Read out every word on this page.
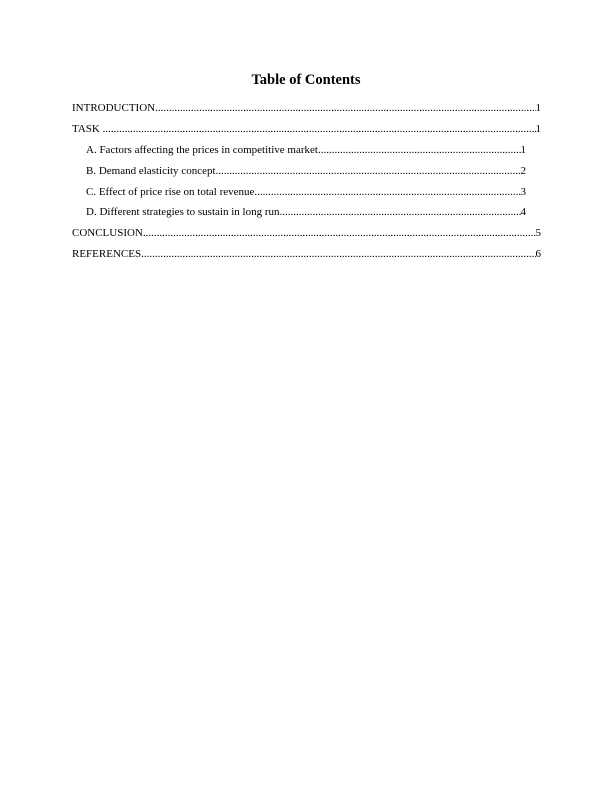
Table of Contents
INTRODUCTION .....	1
TASK .....	1
A. Factors affecting the prices in competitive market .....	1
B. Demand elasticity concept .....	2
C. Effect of price rise on total revenue .....	3
D. Different strategies to sustain in long run .....	4
CONCLUSION .....	5
REFERENCES .....	6
